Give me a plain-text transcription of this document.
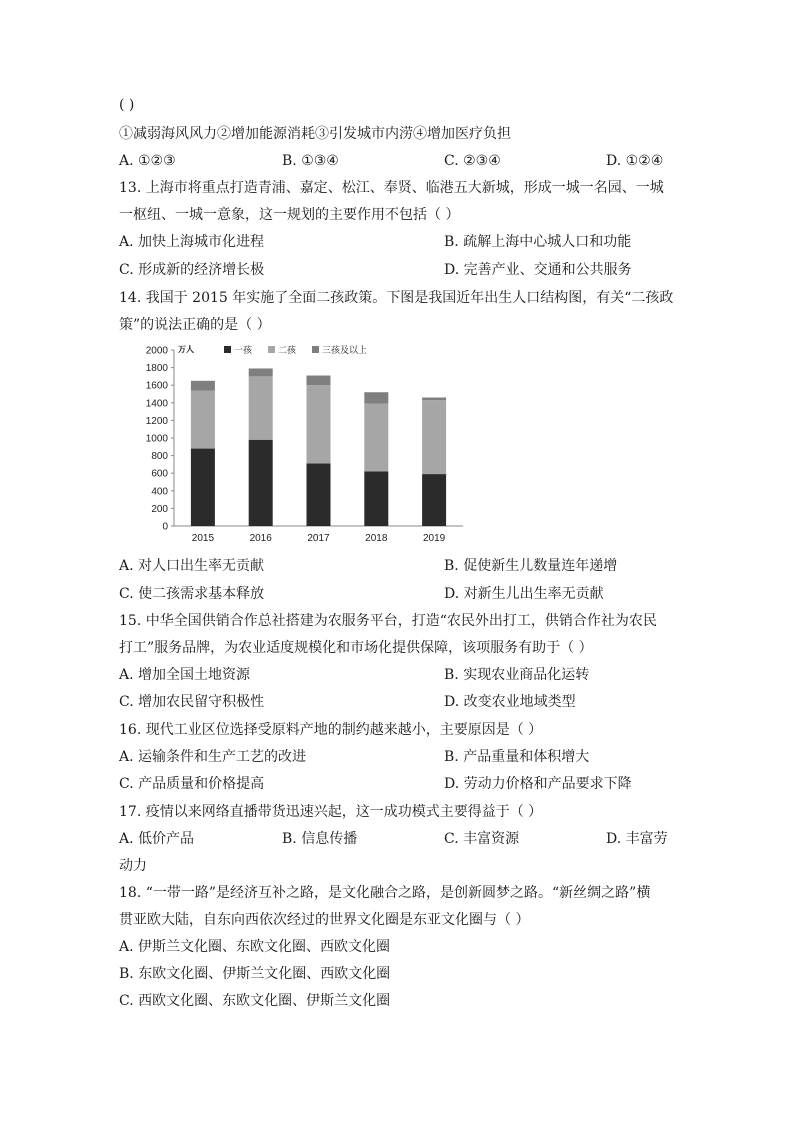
( )
①减弱海风风力②增加能源消耗③引发城市内涝④增加医疗负担
A. ①②③	B. ①③④	C. ②③④	D. ①②④
13. 上海市将重点打造青浦、嘉定、松江、奉贤、临港五大新城，形成一城一名园、一城
一枢纽、一城一意象，这一规划的主要作用不包括（ ）
A. 加快上海城市化进程	B. 疏解上海中心城人口和功能
C. 形成新的经济增长极	D. 完善产业、交通和公共服务
14. 我国于 2015 年实施了全面二孩政策。下图是我国近年出生人口结构图，有关“二孩政
策”的说法正确的是（ ）
0
200
400
600
800
1000
1200
1400
1600
1800
2000 万人	一孩	二孩	三孩及以上
2015	2016	2017	2018	2019
A. 对人口出生率无贡献	B. 促使新生儿数量连年递增
C. 使二孩需求基本释放	D. 对新生儿出生率无贡献
15. 中华全国供销合作总社搭建为农服务平台，打造“农民外出打工，供销合作社为农民
打工”服务品牌，为农业适度规模化和市场化提供保障，该项服务有助于（ ）
A. 增加全国土地资源	B. 实现农业商品化运转
C. 增加农民留守积极性	D. 改变农业地域类型
16. 现代工业区位选择受原料产地的制约越来越小，主要原因是（ ）
A. 运输条件和生产工艺的改进	B. 产品重量和体积增大
C. 产品质量和价格提高	D. 劳动力价格和产品要求下降
17. 疫情以来网络直播带货迅速兴起，这一成功模式主要得益于（ ）
A. 低价产品	B. 信息传播	C. 丰富资源	D. 丰富劳
动力
18. “一带一路”是经济互补之路，是文化融合之路，是创新圆梦之路。“新丝绸之路”横
贯亚欧大陆，自东向西依次经过的世界文化圈是东亚文化圈与（ ）
A. 伊斯兰文化圈、东欧文化圈、西欧文化圈
B. 东欧文化圈、伊斯兰文化圈、西欧文化圈
C. 西欧文化圈、东欧文化圈、伊斯兰文化圈
